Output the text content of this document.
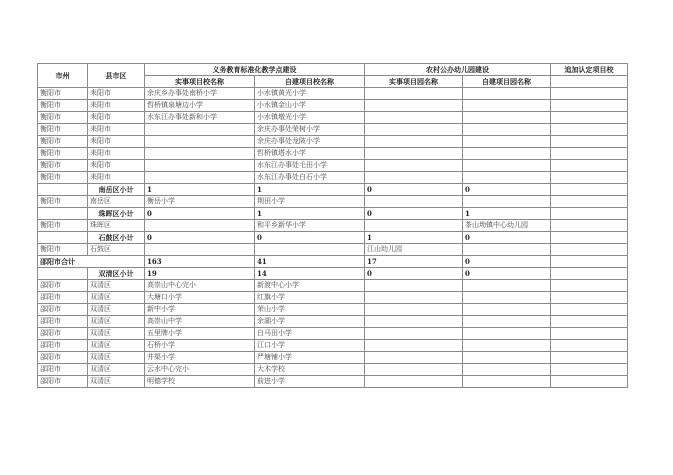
市州	县市区	义务教育标准化教学点建设		农村公办幼儿园建设		追加认定项目校
		实事项目校名称	自建项目校名称	实事项目园名称	自建项目园名称	
衡阳市	耒阳市	余庆乡办事处南桥小学	小水镇黄光小学			
衡阳市	耒阳市	哲桥镇泉塘边小学	小水镇金山小学			
衡阳市	耒阳市	水东江办事处新和小学	小水镇墩光小学			
衡阳市	耒阳市		余庆办事处荣树小学			
衡阳市	耒阳市		余庆办事处龙陂小学			
衡阳市	耒阳市		哲桥镇塔水小学			
衡阳市	耒阳市		水东江办事处毛田小学			
衡阳市	耒阳市		水东江办事处白石小学			
	南岳区小计	1	1	0	0	
衡阳市	南岳区	衡岳小学	荆田小学			
	珠晖区小计	0	1	0	1	
衡阳市	珠晖区		和平乡新华小学		茶山坳镇中心幼儿园	
	石鼓区小计	0	0	1	0	
衡阳市	石鼓区			江山幼儿园		
邵阳市合计		163	41	17	0	
	双清区小计	19	14	0	0	
邵阳市	双清区	高崇山中心完小	新渡中心小学			
邵阳市	双清区	大塘口小学	红旗小学			
邵阳市	双清区	新中小学	荣山小学			
邵阳市	双清区	高崇山中学	余湖小学			
邵阳市	双清区	五里牌小学	白马田小学			
邵阳市	双清区	石桥小学	江口小学			
邵阳市	双清区	井渠小学	严塘铺小学			
邵阳市	双清区	云水中心完小	大木学校			
邵阳市	双清区	明德学校	前进小学			
